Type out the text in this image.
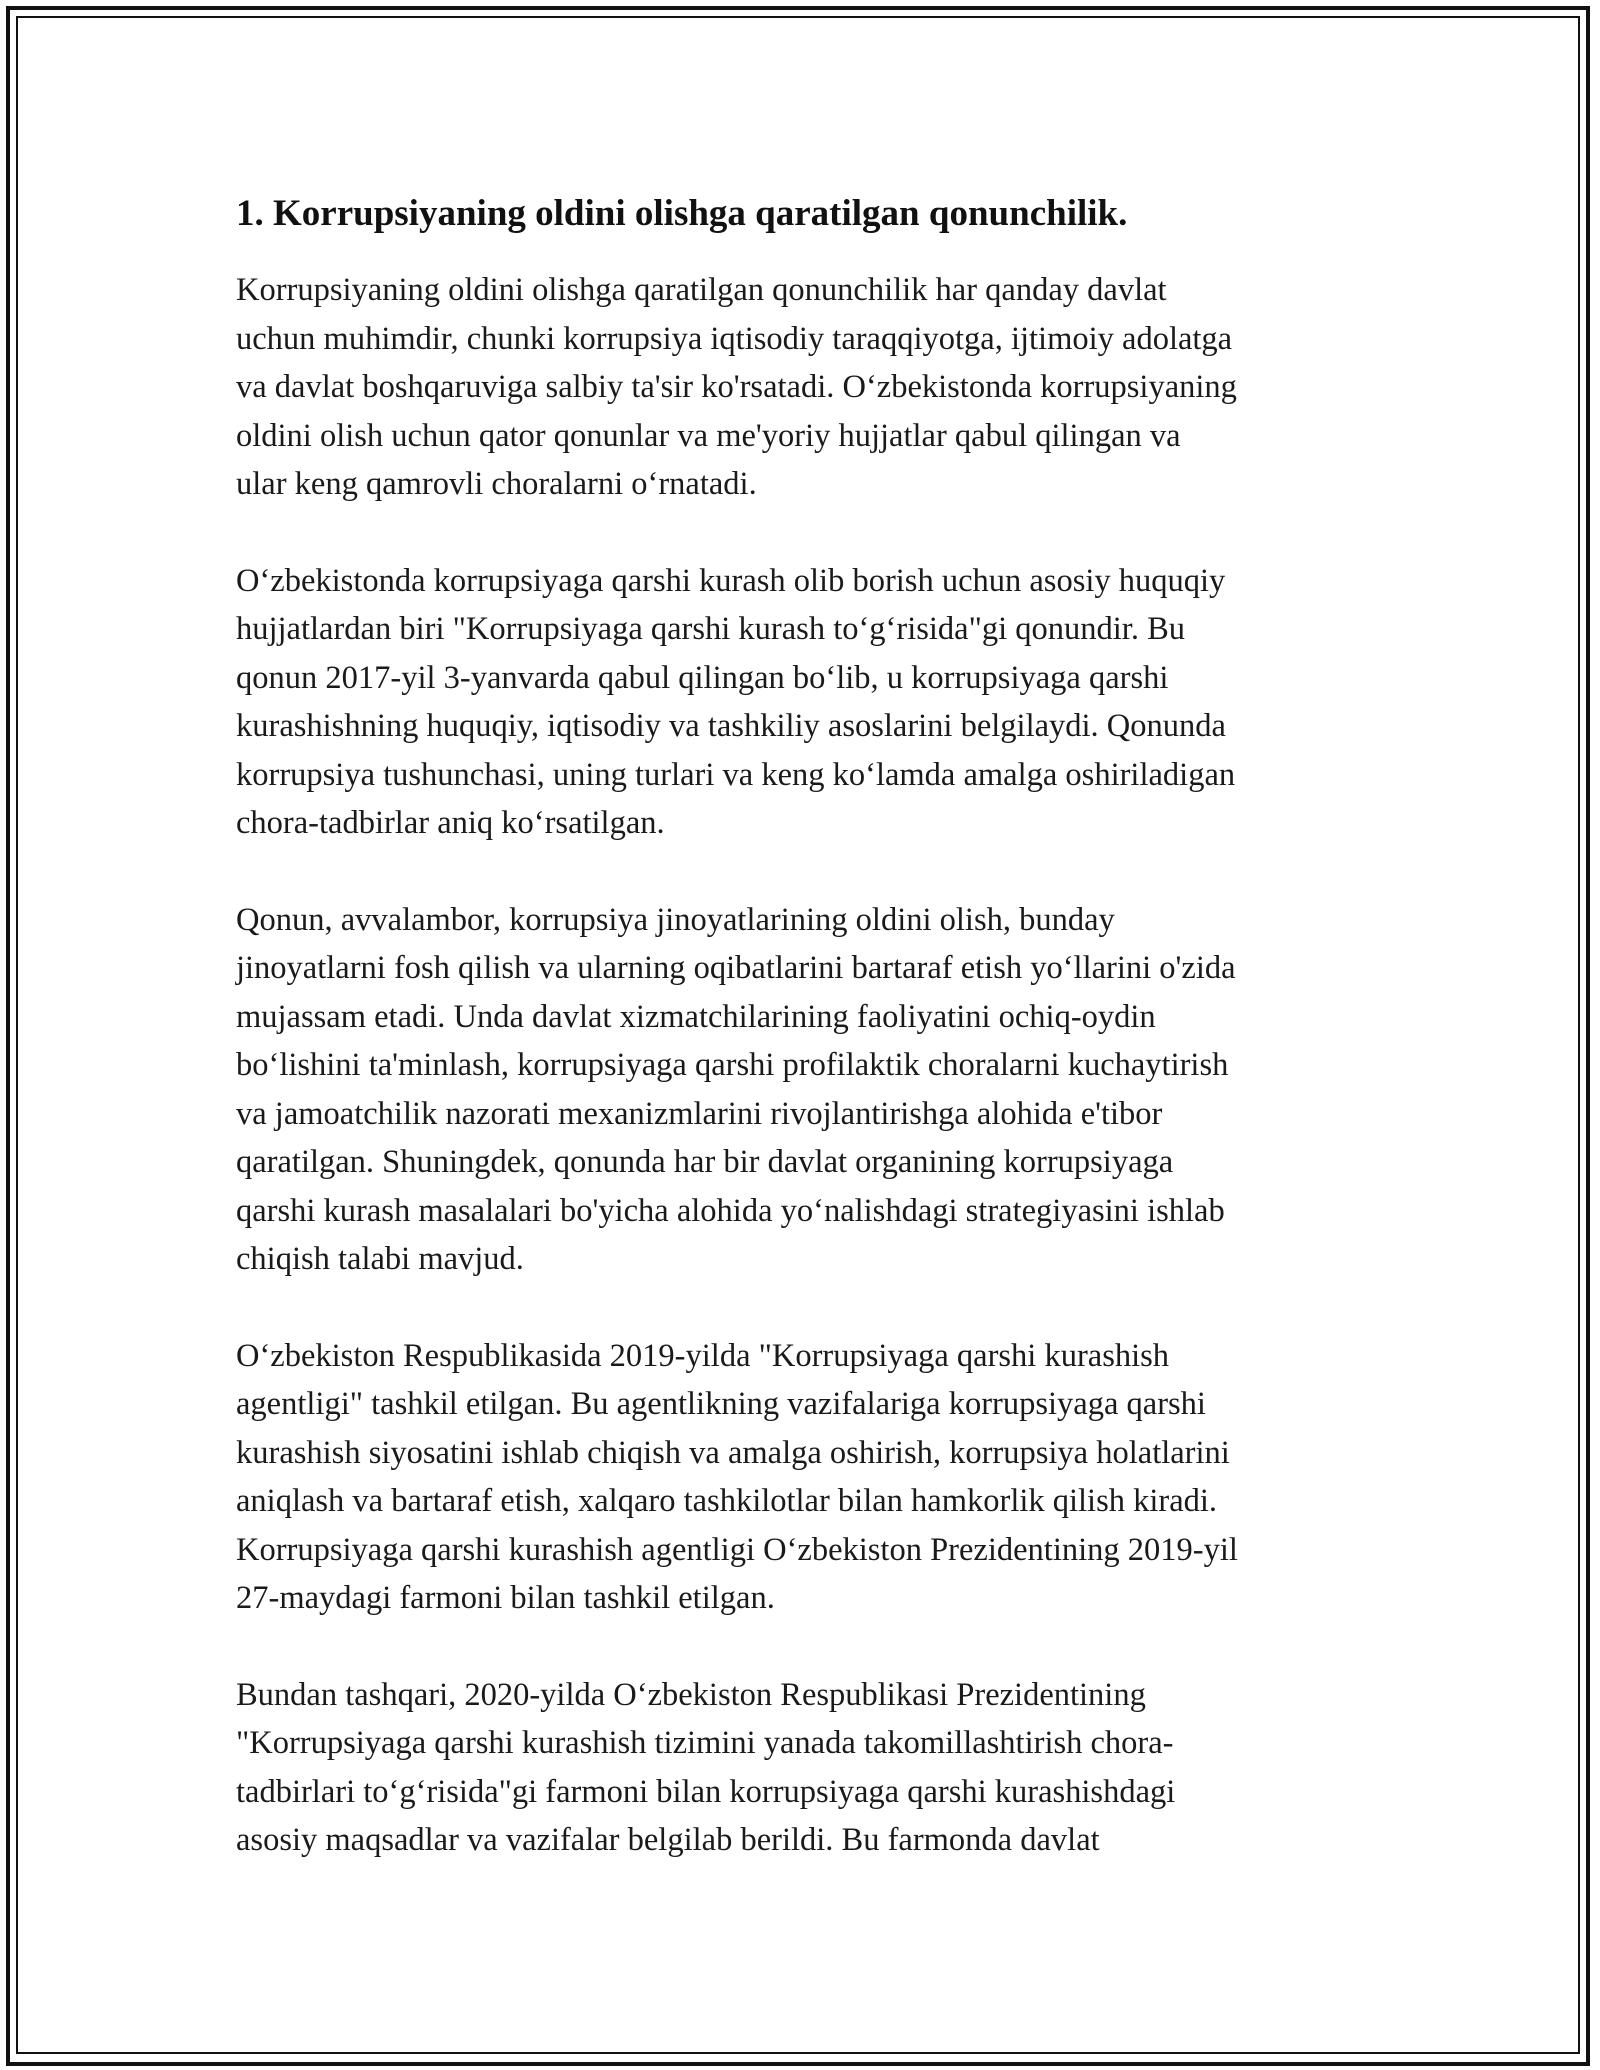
1. Korrupsiyaning oldini olishga qaratilgan qonunchilik.

Korrupsiyaning oldini olishga qaratilgan qonunchilik har qanday davlat
uchun muhimdir, chunki korrupsiya iqtisodiy taraqqiyotga, ijtimoiy adolatga
va davlat boshqaruviga salbiy ta'sir ko'rsatadi. O‘zbekistonda korrupsiyaning
oldini olish uchun qator qonunlar va me'yoriy hujjatlar qabul qilingan va
ular keng qamrovli choralarni o‘rnatadi.

O‘zbekistonda korrupsiyaga qarshi kurash olib borish uchun asosiy huquqiy
hujjatlardan biri "Korrupsiyaga qarshi kurash to‘g‘risida"gi qonundir. Bu
qonun 2017-yil 3-yanvarda qabul qilingan bo‘lib, u korrupsiyaga qarshi
kurashishning huquqiy, iqtisodiy va tashkiliy asoslarini belgilaydi. Qonunda
korrupsiya tushunchasi, uning turlari va keng ko‘lamda amalga oshiriladigan
chora-tadbirlar aniq ko‘rsatilgan.

Qonun, avvalambor, korrupsiya jinoyatlarining oldini olish, bunday
jinoyatlarni fosh qilish va ularning oqibatlarini bartaraf etish yo‘llarini o'zida
mujassam etadi. Unda davlat xizmatchilarining faoliyatini ochiq-oydin
bo‘lishini ta'minlash, korrupsiyaga qarshi profilaktik choralarni kuchaytirish
va jamoatchilik nazorati mexanizmlarini rivojlantirishga alohida e'tibor
qaratilgan. Shuningdek, qonunda har bir davlat organining korrupsiyaga
qarshi kurash masalalari bo'yicha alohida yo‘nalishdagi strategiyasini ishlab
chiqish talabi mavjud.

O‘zbekiston Respublikasida 2019-yilda "Korrupsiyaga qarshi kurashish
agentligi" tashkil etilgan. Bu agentlikning vazifalariga korrupsiyaga qarshi
kurashish siyosatini ishlab chiqish va amalga oshirish, korrupsiya holatlarini
aniqlash va bartaraf etish, xalqaro tashkilotlar bilan hamkorlik qilish kiradi.
Korrupsiyaga qarshi kurashish agentligi O‘zbekiston Prezidentining 2019-yil
27-maydagi farmoni bilan tashkil etilgan.

Bundan tashqari, 2020-yilda O‘zbekiston Respublikasi Prezidentining
"Korrupsiyaga qarshi kurashish tizimini yanada takomillashtirish chora-
tadbirlari to‘g‘risida"gi farmoni bilan korrupsiyaga qarshi kurashishdagi
asosiy maqsadlar va vazifalar belgilab berildi. Bu farmonda davlat
